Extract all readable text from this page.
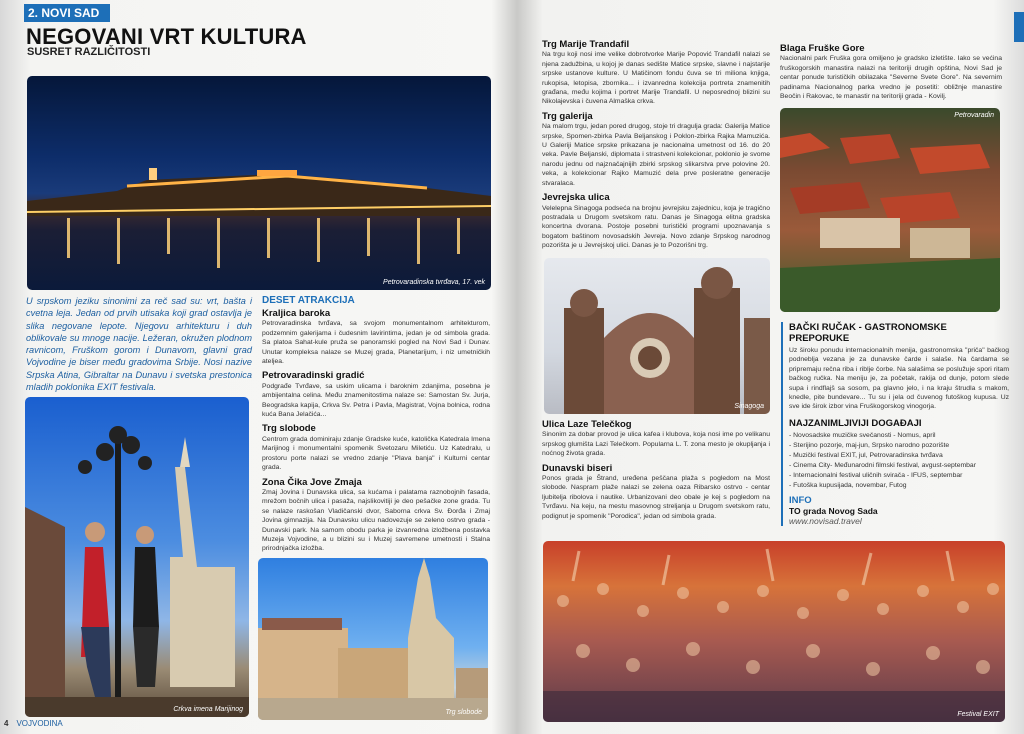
2. NOVI SAD
NEGOVANI VRT KULTURA
SUSRET RAZLIČITOSTI
Petrovaradinska tvrđava, 17. vek
U srpskom jeziku sinonimi za reč sad su: vrt, bašta i cvetna leja. Jedan od prvih utisaka koji grad ostavlja je slika negovane lepote. Njegovu arhitekturu i duh oblikovale su mnoge nacije. Ležeran, okružen plodnom ravnicom, Fruškom gorom i Dunavom, glavni grad Vojvodine je biser među gradovima Srbije. Nosi nazive Srpska Atina, Gibraltar na Dunavu i svetska prestonica mladih poklonika EXIT festivala.
DESET ATRAKCIJA
Kraljica baroka

Petrovaradinska tvrđava, sa svojom monumentalnom arhitekturom, podzemnim galerijama i čudesnim lavirintima, jedan je od simbola grada. Sa platoa Sahat-kule pruža se panoramski pogled na Novi Sad i Dunav. Unutar kompleksa nalaze se Muzej grada, Planetarijum, i niz umetničkih ateljea.

Petrovaradinski gradić

Podgrađe Tvrđave, sa uskim ulicama i baroknim zdanjima, posebna je ambijentalna celina. Među znamenitostima nalaze se: Samostan Sv. Jurja, Beogradska kapija, Crkva Sv. Petra i Pavla, Magistrat, Vojna bolnica, rodna kuća Bana Jelačića...

Trg slobode

Centrom grada dominiraju zdanje Gradske kuće, katolička Katedrala Imena Marijinog i monumentalni spomenik Svetozaru Miletiću. Uz Katedralu, u prostoru porte nalazi se vredno zdanje "Plava banja" i Kulturni centar grada.

Zona Čika Jove Zmaja

Zmaj Jovina i Dunavska ulica, sa kućama i palatama raznobojnih fasada, mrežom bočnih ulica i pasaža, najslikovitiji je deo pešačke zone grada. Tu se nalaze raskošan Vladičanski dvor, Saborna crkva Sv. Đorđa i Zmaj Jovina gimnazija. Na Dunavsku ulicu nadovezuje se zeleno ostrvo grada - Dunavski park. Na samom obodu parka je izvanredna izložbena postavka Muzeja Vojvodine, a u blizini su i Muzej savremene umetnosti i Stalna prirodnjačka izložba.

Crkva imena Marijinog	Trg slobode
4 VOJVODINA
Trg Marije Trandafil

Na trgu koji nosi ime velike dobrotvorke Marije Popović Trandafil nalazi se njena zadužbina, u kojoj je danas sedište Matice srpske, slavne i najstarije srpske ustanove kulture. U Matičinom fondu čuva se tri miliona knjiga, rukopisa, letopisa, zbornika... i izvanredna kolekcija portreta znamenitih građana, među kojima i portret Marije Trandafil. U neposrednoj blizini su Nikolajevska i čuvena Almaška crkva.

Trg galerija

Na malom trgu, jedan pored drugog, stoje tri dragulja grada: Galerija Matice srpske, Spomen-zbirka Pavla Beljanskog i Poklon-zbirka Rajka Mamuzića. U Galeriji Matice srpske prikazana je nacionalna umetnost od 16. do 20 veka. Pavle Beljanski, diplomata i strastveni kolekcionar, poklonio je svome narodu jednu od najznačajnijih zbirki srpskog slikarstva prve polovine 20. veka, a kolekcionar Rajko Mamuzić dela prve posleratne generacije stvaralaca.

Jevrejska ulica

Velelepna Sinagoga podseća na brojnu jevrejsku zajednicu, koja je tragično postradala u Drugom svetskom ratu. Danas je Sinagoga elitna gradska koncertna dvorana. Postoje posebni turistički programi upoznavanja s bogatom baštinom novosadskih Jevreja. Novo zdanje Srpskog narodnog pozorišta je u Jevrejskoj ulici. Danas je to Pozorišni trg.

Sinagoga
Ulica Laze Telečkog

Sinonim za dobar provod je ulica kafea i klubova, koja nosi ime po velikanu srpskog glumišta Lazi Telečkom. Popularna L. T. zona mesto je okupljanja i noćnog života grada.

Dunavski biseri

Ponos grada je Štrand, uređena peščana plaža s pogledom na Most slobode. Naspram plaže nalazi se zelena oaza Ribarsko ostrvo - centar ljubitelja ribolova i nautike. Urbanizovani deo obale je kej s pogledom na Tvrđavu. Na keju, na mestu masovnog streljanja u Drugom svetskom ratu, podignut je spomenik "Porodica", jedan od simbola grada.

Blaga Fruške Gore

Nacionalni park Fruška gora omiljeno je gradsko izletište. Iako se većina fruškogorskih manastira nalazi na teritoriji drugih opština, Novi Sad je centar ponude turističkih obilazaka "Severne Svete Gore". Na severnim padinama Nacionalnog parka vredno je posetiti: obližnje manastire Beočin i Rakovac, te manastir na teritoriji grada - Kovilj.

Petrovaradin
BAČKI RUČAK - GASTRONOMSKE PREPORUKE
Uz široku ponudu internacionalnih menija, gastronomska "priča" bačkog podneblja vezana je za dunavske čarde i salaše. Na čardama se pripremaju rečna riba i riblje čorbe. Na salašima se poslužuje spori ritam bačkog ručka. Na meniju je, za početak, rakija od dunje, potom slede supa i rindflajš sa sosom, pa glavno jelo, i na kraju štrudla s makom, knedle, pite bundevare... Tu su i jela od čuvenog futoškog kupusa. Uz sve ide širok izbor vina Fruškogorskog vinogorja.
NAJZANIMLJIVIJI DOGAĐAJI
- Novosadske muzičke svečanosti - Nomus, april
- Sterijino pozorje, maj-jun, Srpsko narodno pozorište
- Muzički festival EXIT, jul, Petrovaradinska tvrđava
- Cinema City- Međunarodni filmski festival, avgust-septembar
- Internacionalni festival uličnih svirača - IFUS, septembar
- Futoška kupusijada, novembar, Futog
INFO
TO grada Novog Sada
www.novisad.travel
Festival EXIT
